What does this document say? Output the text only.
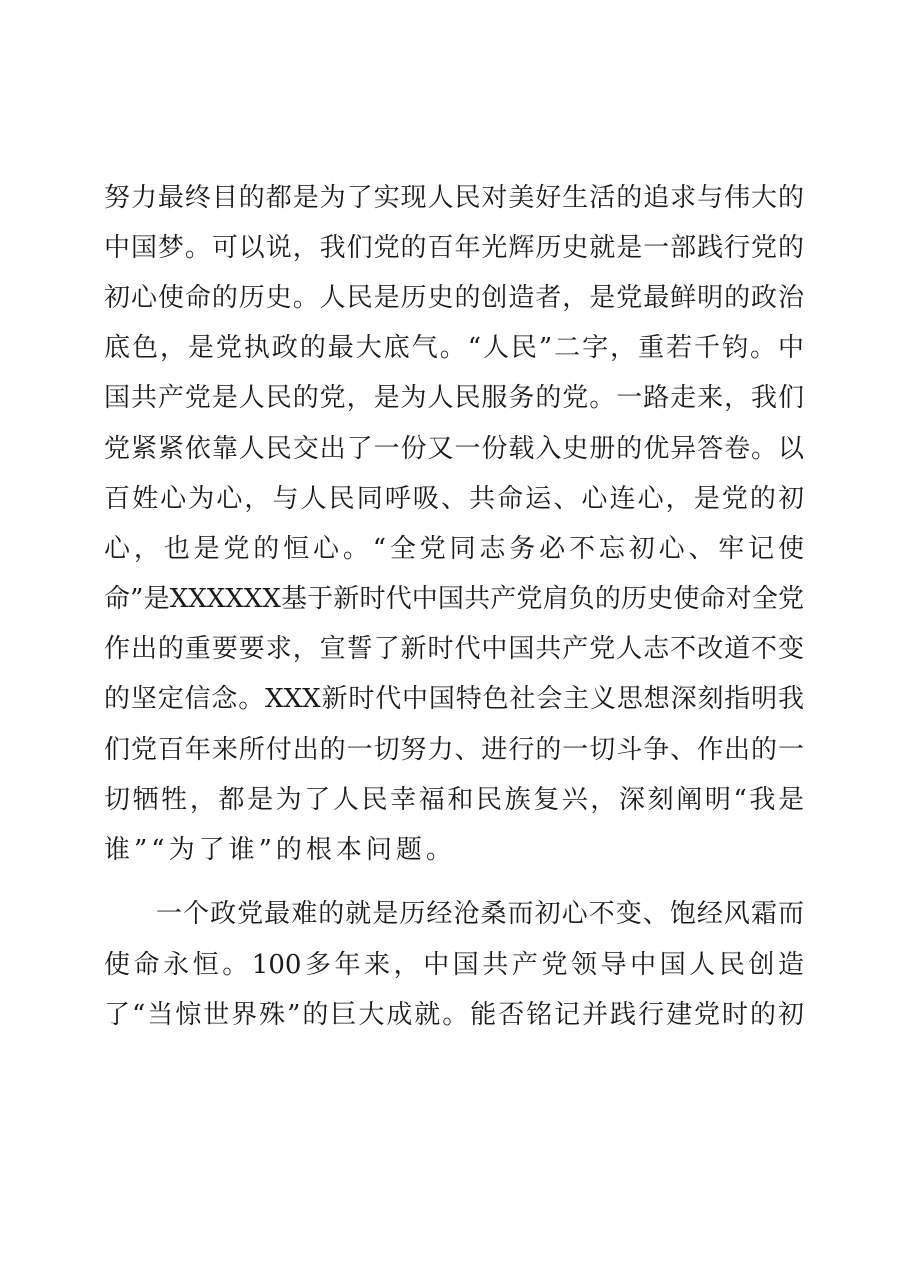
努力最终目的都是为了实现人民对美好生活的追求与伟大的
中国梦。可以说，我们党的百年光辉历史就是一部践行党的
初心使命的历史。人民是历史的创造者，是党最鲜明的政治
底色，是党执政的最大底气。“人民”二字，重若千钧。中
国共产党是人民的党，是为人民服务的党。一路走来，我们
党紧紧依靠人民交出了一份又一份载入史册的优异答卷。以
百姓心为心，与人民同呼吸、共命运、心连心，是党的初
心，也是党的恒心。“全党同志务必不忘初心、牢记使
命”是XXXXXX基于新时代中国共产党肩负的历史使命对全党
作出的重要要求，宣誓了新时代中国共产党人志不改道不变
的坚定信念。XXX新时代中国特色社会主义思想深刻指明我
们党百年来所付出的一切努力、进行的一切斗争、作出的一
切牺牲，都是为了人民幸福和民族复兴，深刻阐明“我是
谁”“为了谁”的根本问题。
一个政党最难的就是历经沧桑而初心不变、饱经风霜而
使命永恒。100多年来，中国共产党领导中国人民创造
了“当惊世界殊”的巨大成就。能否铭记并践行建党时的初
